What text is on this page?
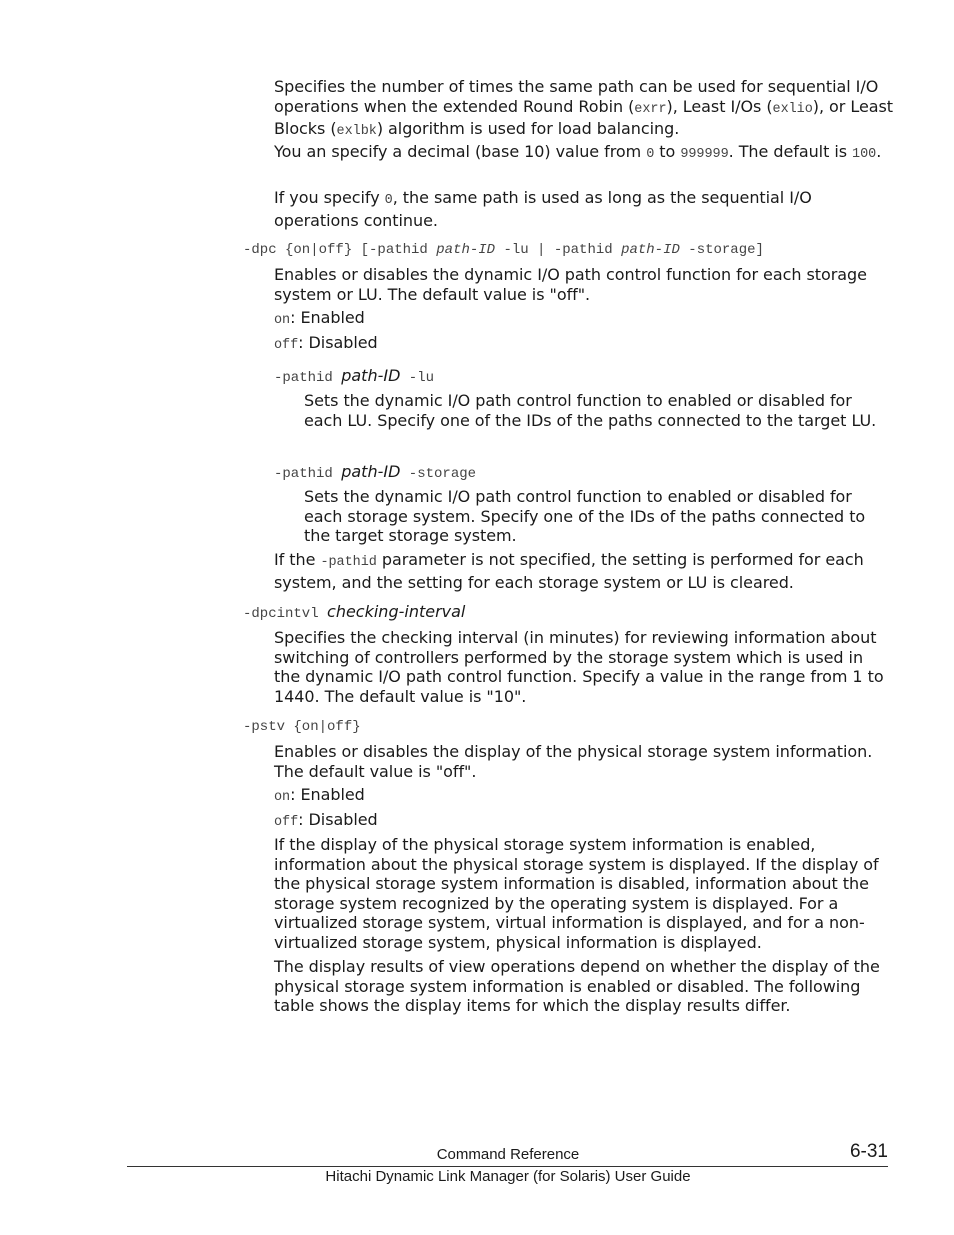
Specifies the number of times the same path can be used for sequential I/O operations when the extended Round Robin (exrr), Least I/Os (exlio), or Least Blocks (exlbk) algorithm is used for load balancing.

You an specify a decimal (base 10) value from 0 to 999999. The default is 100.

If you specify 0, the same path is used as long as the sequential I/O operations continue.

-dpc {on|off} [-pathid path-ID -lu | -pathid path-ID -storage]

Enables or disables the dynamic I/O path control function for each storage system or LU. The default value is "off".

on: Enabled

off: Disabled

-pathid path-ID -lu

Sets the dynamic I/O path control function to enabled or disabled for each LU. Specify one of the IDs of the paths connected to the target LU.

-pathid path-ID -storage

Sets the dynamic I/O path control function to enabled or disabled for each storage system. Specify one of the IDs of the paths connected to the target storage system.

If the -pathid parameter is not specified, the setting is performed for each system, and the setting for each storage system or LU is cleared.

-dpcintvl checking-interval

Specifies the checking interval (in minutes) for reviewing information about switching of controllers performed by the storage system which is used in the dynamic I/O path control function. Specify a value in the range from 1 to 1440. The default value is "10".

-pstv {on|off}

Enables or disables the display of the physical storage system information. The default value is "off".

on: Enabled

off: Disabled

If the display of the physical storage system information is enabled, information about the physical storage system is displayed. If the display of the physical storage system information is disabled, information about the storage system recognized by the operating system is displayed. For a virtualized storage system, virtual information is displayed, and for a non-virtualized storage system, physical information is displayed.

The display results of view operations depend on whether the display of the physical storage system information is enabled or disabled. The following table shows the display items for which the display results differ.

Command Reference	6-31
Hitachi Dynamic Link Manager (for Solaris) User Guide
